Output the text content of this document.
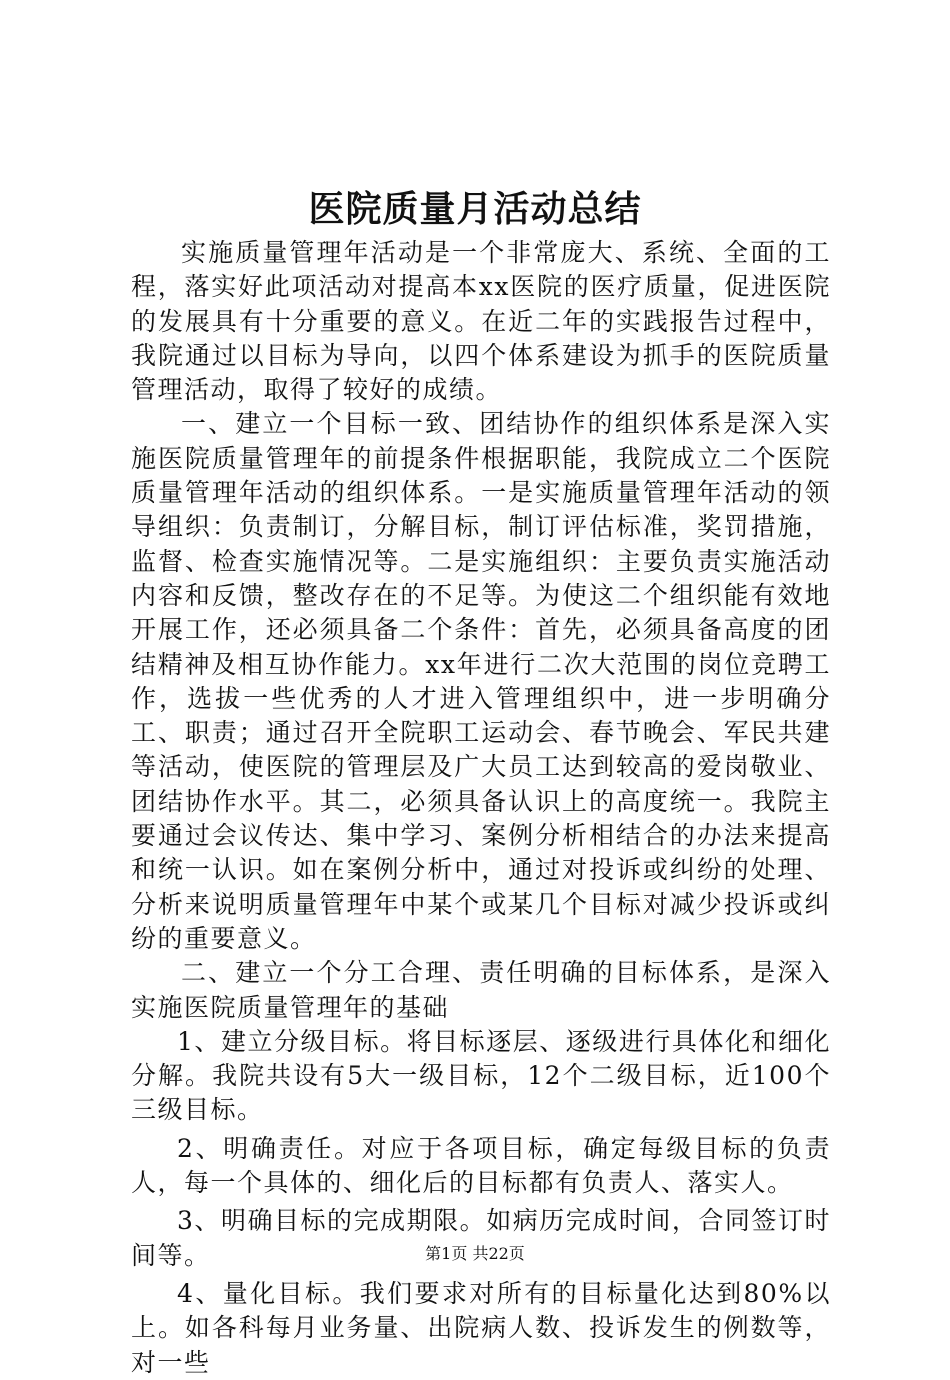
医院质量月活动总结

实施质量管理年活动是一个非常庞大、系统、全面的工程，落实好此项活动对提高本xx医院的医疗质量，促进医院的发展具有十分重要的意义。在近二年的实践报告过程中，我院通过以目标为导向，以四个体系建设为抓手的医院质量管理活动，取得了较好的成绩。

一、建立一个目标一致、团结协作的组织体系是深入实施医院质量管理年的前提条件根据职能，我院成立二个医院质量管理年活动的组织体系。一是实施质量管理年活动的领导组织：负责制订，分解目标，制订评估标准，奖罚措施，监督、检查实施情况等。二是实施组织：主要负责实施活动内容和反馈，整改存在的不足等。为使这二个组织能有效地开展工作，还必须具备二个条件：首先，必须具备高度的团结精神及相互协作能力。xx年进行二次大范围的岗位竞聘工作，选拔一些优秀的人才进入管理组织中，进一步明确分工、职责；通过召开全院职工运动会、春节晚会、军民共建等活动，使医院的管理层及广大员工达到较高的爱岗敬业、团结协作水平。其二，必须具备认识上的高度统一。我院主要通过会议传达、集中学习、案例分析相结合的办法来提高和统一认识。如在案例分析中，通过对投诉或纠纷的处理、分析来说明质量管理年中某个或某几个目标对减少投诉或纠纷的重要意义。

二、建立一个分工合理、责任明确的目标体系，是深入实施医院质量管理年的基础

1、建立分级目标。将目标逐层、逐级进行具体化和细化分解。我院共设有5大一级目标，12个二级目标，近100个三级目标。

2、明确责任。对应于各项目标，确定每级目标的负责人，每一个具体的、细化后的目标都有负责人、落实人。

3、明确目标的完成期限。如病历完成时间，合同签订时间等。

4、量化目标。我们要求对所有的目标量化达到80%以上。如各科每月业务量、出院病人数、投诉发生的例数等，对一些

第1页 共22页
